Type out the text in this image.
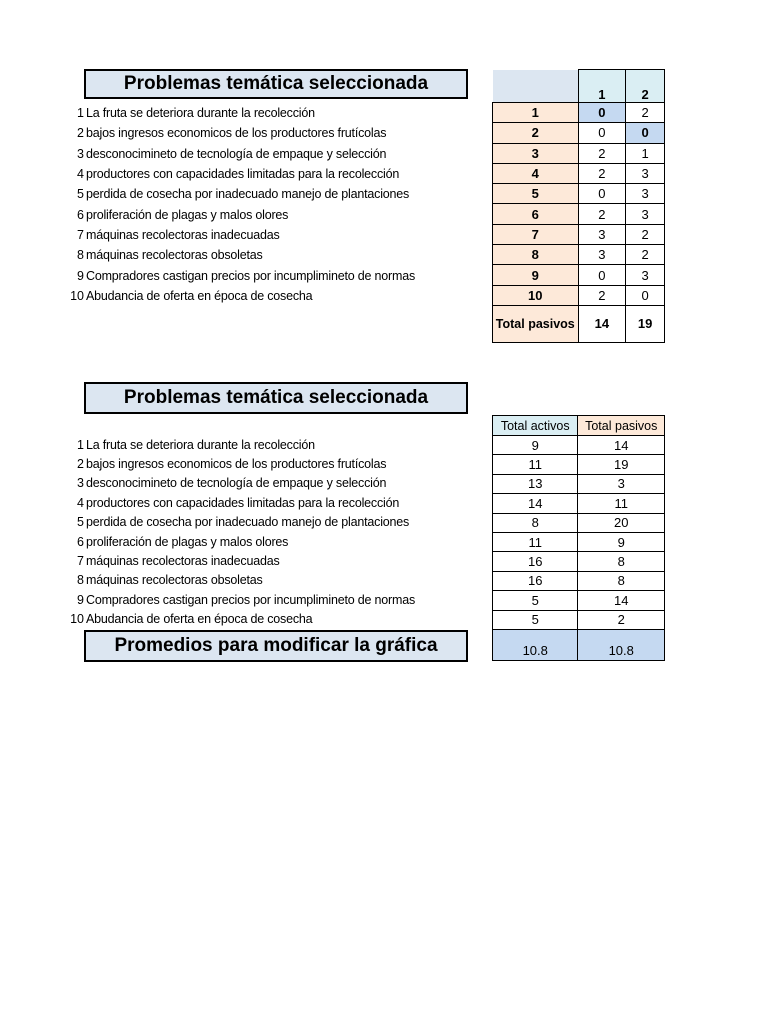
Problemas temática seleccionada
1 La fruta se deteriora durante la recolección
2 bajos ingresos economicos de los productores frutícolas
3 desconocimineto de tecnología de empaque y selección
4 productores con capacidades limitadas para la recolección
5 perdida de cosecha por inadecuado manejo de plantaciones
6 proliferación de plagas y malos olores
7 máquinas recolectoras inadecuadas
8 máquinas recolectoras obsoletas
9 Compradores castigan precios por incumplimineto de normas
10 Abudancia de oferta en época de cosecha
	1	2
1	0	2
2	0	0
3	2	1
4	2	3
5	0	3
6	2	3
7	3	2
8	3	2
9	0	3
10	2	0
Total pasivos	14	19
Problemas temática seleccionada
1 La fruta se deteriora durante la recolección
2 bajos ingresos economicos de los productores frutícolas
3 desconocimineto de tecnología de empaque y selección
4 productores con capacidades limitadas para la recolección
5 perdida de cosecha por inadecuado manejo de plantaciones
6 proliferación de plagas y malos olores
7 máquinas recolectoras inadecuadas
8 máquinas recolectoras obsoletas
9 Compradores castigan precios por incumplimineto de normas
10 Abudancia de oferta en época de cosecha
Promedios para modificar la gráfica
Total activos	Total pasivos
9	14
11	19
13	3
14	11
8	20
11	9
16	8
16	8
5	14
5	2
10.8	10.8
